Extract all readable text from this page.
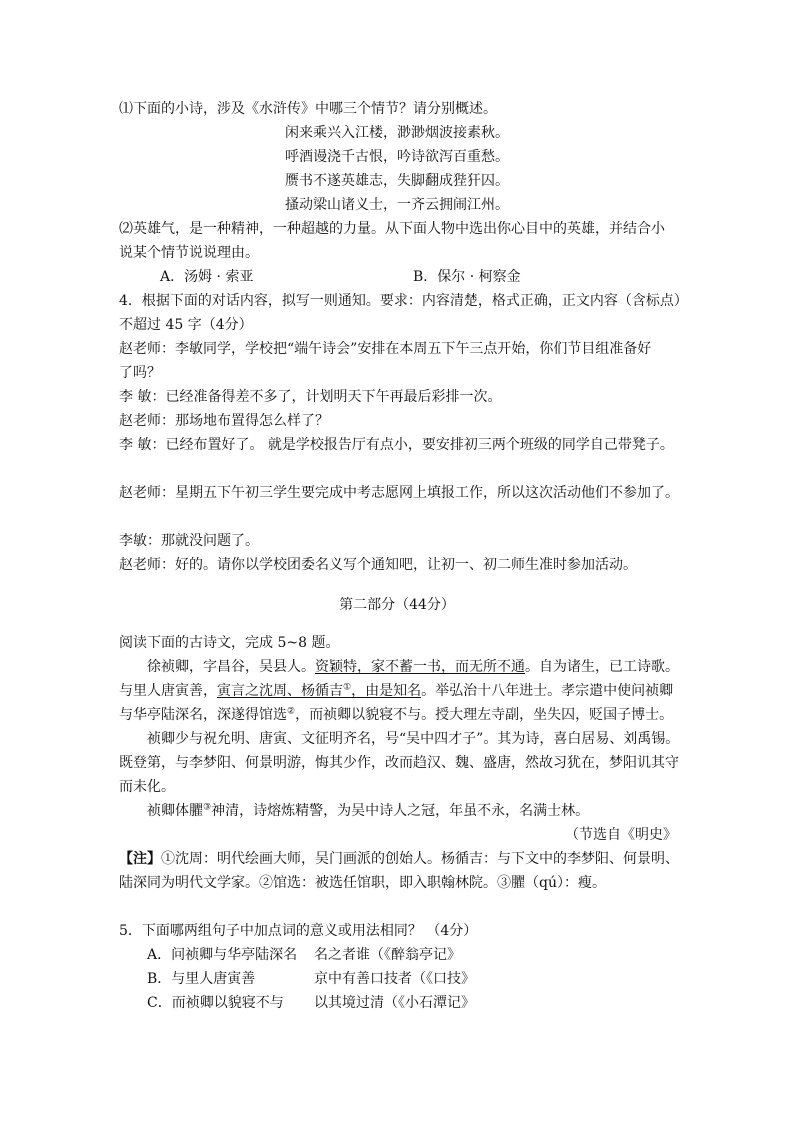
⑴下面的小诗，涉及《水浒传》中哪三个情节？请分别概述。
闲来乘兴入江楼，渺渺烟波接素秋。
呼酒谩浇千古恨，吟诗欲泻百重愁。
赝书不遂英雄志，失脚翻成狴犴囚。
搔动梁山诸义士，一齐云拥闹江州。
⑵英雄气，是一种精神，一种超越的力量。从下面人物中选出你心目中的英雄，并结合小
说某个情节说说理由。
A．汤姆 · 索亚	B．保尔 · 柯察金
4．根据下面的对话内容，拟写一则通知。要求：内容清楚，格式正确，正文内容（含标点）
不超过 45 字（4分）
赵老师：李敏同学，学校把“端午诗会”安排在本周五下午三点开始，你们节目组准备好
了吗？
李 敏：已经准备得差不多了，计划明天下午再最后彩排一次。
赵老师：那场地布置得怎么样了？
李 敏：已经布置好了。 就是学校报告厅有点小，要安排初三两个班级的同学自己带凳子。
赵老师：星期五下午初三学生要完成中考志愿网上填报工作，所以这次活动他们不参加了。
李敏：那就没问题了。
赵老师：好的。请你以学校团委名义写个通知吧，让初一、初二师生准时参加活动。
第二部分（44分）
阅读下面的古诗文，完成 5~8 题。
徐祯卿，字昌谷，吴县人。资颖特，家不蓄一书，而无所不通。自为诸生，已工诗歌。
与里人唐寅善，寅言之沈周、杨循吉①，由是知名。举弘治十八年进士。孝宗遣中使问祯卿
与华亭陆深名，深遂得馆选②，而祯卿以貌寝不与。授大理左寺副，坐失囚，贬国子博士。
祯卿少与祝允明、唐寅、文征明齐名，号“吴中四才子”。其为诗，喜白居易、刘禹锡。
既登第，与李梦阳、何景明游，悔其少作，改而趋汉、魏、盛唐，然故习犹在，梦阳讥其守
而未化。
祯卿体臞③神清，诗熔炼精警，为吴中诗人之冠，年虽不永，名满士林。
（节选自《明史》
【注】①沈周：明代绘画大师，吴门画派的创始人。杨循吉：与下文中的李梦阳、何景明、
陆深同为明代文学家。②馆选：被选任馆职，即入职翰林院。③臞（qú）：瘦。
5．下面哪两组句子中加点词的意义或用法相同？ （4分）
A．问祯卿与华亭陆深名 名之者谁（《醉翁亭记》
B．与里人唐寅善	京中有善口技者（《口技》
C．而祯卿以貌寝不与 以其境过清（《小石潭记》
